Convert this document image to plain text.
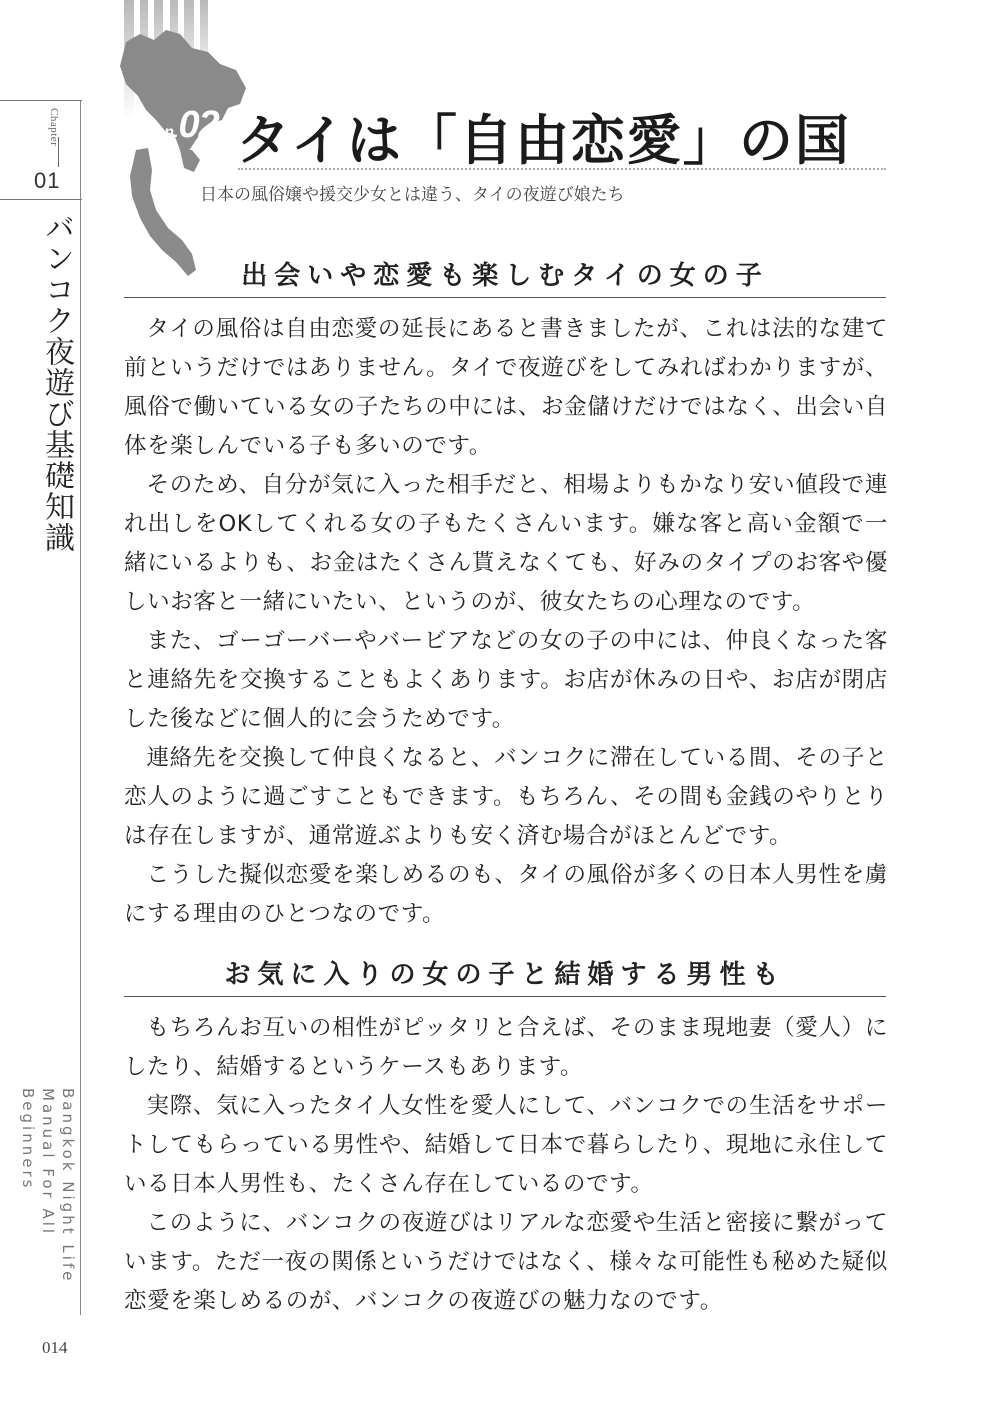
Chapter
01
バンコク夜遊び基礎知識
Bangkok Night Life Manual For All Beginners
014
Lesson.02 タイは「自由恋愛」の国
日本の風俗嬢や援交少女とは違う、タイの夜遊び娘たち
出会いや恋愛も楽しむタイの女の子

タイの風俗は自由恋愛の延長にあると書きましたが、これは法的な建て前というだけではありません。タイで夜遊びをしてみればわかりますが、風俗で働いている女の子たちの中には、お金儲けだけではなく、出会い自体を楽しんでいる子も多いのです。

そのため、自分が気に入った相手だと、相場よりもかなり安い値段で連れ出しをOKしてくれる女の子もたくさんいます。嫌な客と高い金額で一緒にいるよりも、お金はたくさん貰えなくても、好みのタイプのお客や優しいお客と一緒にいたい、というのが、彼女たちの心理なのです。

また、ゴーゴーバーやバービアなどの女の子の中には、仲良くなった客と連絡先を交換することもよくあります。お店が休みの日や、お店が閉店した後などに個人的に会うためです。

連絡先を交換して仲良くなると、バンコクに滞在している間、その子と恋人のように過ごすこともできます。もちろん、その間も金銭のやりとりは存在しますが、通常遊ぶよりも安く済む場合がほとんどです。

こうした擬似恋愛を楽しめるのも、タイの風俗が多くの日本人男性を虜にする理由のひとつなのです。

お気に入りの女の子と結婚する男性も

もちろんお互いの相性がピッタリと合えば、そのまま現地妻（愛人）にしたり、結婚するというケースもあります。

実際、気に入ったタイ人女性を愛人にして、バンコクでの生活をサポートしてもらっている男性や、結婚して日本で暮らしたり、現地に永住している日本人男性も、たくさん存在しているのです。

このように、バンコクの夜遊びはリアルな恋愛や生活と密接に繋がっています。ただ一夜の関係というだけではなく、様々な可能性も秘めた疑似恋愛を楽しめるのが、バンコクの夜遊びの魅力なのです。
